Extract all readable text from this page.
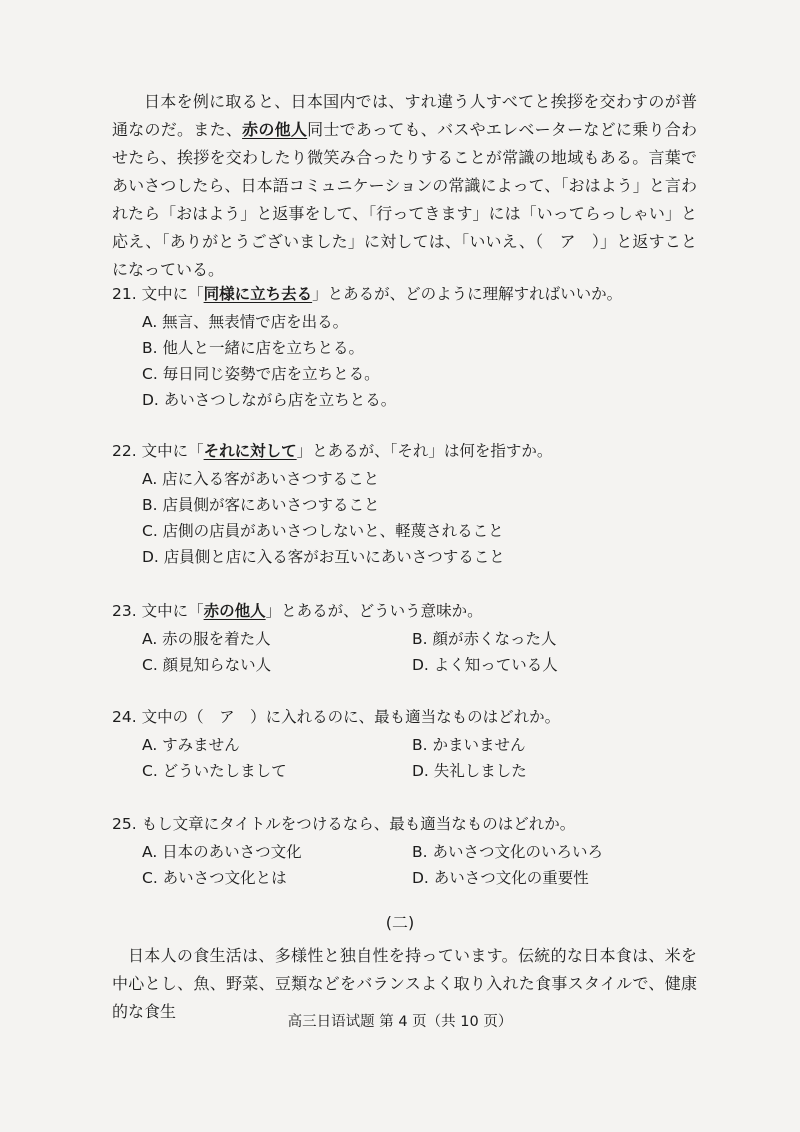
日本を例に取ると、日本国内では、すれ違う人すべてと挨拶を交わすのが普通なのだ。また、赤の他人同士であっても、バスやエレベーターなどに乗り合わせたら、挨拶を交わしたり微笑み合ったりすることが常識の地域もある。言葉であいさつしたら、日本語コミュニケーションの常識によって、「おはよう」と言われたら「おはよう」と返事をして、「行ってきます」には「いってらっしゃい」と応え、「ありがとうございました」に対しては、「いいえ、（　ア　）」と返すことになっている。

21. 文中に「同様に立ち去る」とあるが、どのように理解すればいいか。
A. 無言、無表情で店を出る。
B. 他人と一緒に店を立ちとる。
C. 毎日同じ姿勢で店を立ちとる。
D. あいさつしながら店を立ちとる。
22. 文中に「それに対して」とあるが、「それ」は何を指すか。
A. 店に入る客があいさつすること
B. 店員側が客にあいさつすること
C. 店側の店員があいさつしないと、軽蔑されること
D. 店員側と店に入る客がお互いにあいさつすること
23. 文中に「赤の他人」とあるが、どういう意味か。
A. 赤の服を着た人	B. 顔が赤くなった人
C. 顔見知らない人	D. よく知っている人
24. 文中の（　ア　）に入れるのに、最も適当なものはどれか。
A. すみません	B. かまいません
C. どういたしまして	D. 失礼しました
25. もし文章にタイトルをつけるなら、最も適当なものはどれか。
A. 日本のあいさつ文化	B. あいさつ文化のいろいろ
C. あいさつ文化とは	D. あいさつ文化の重要性
(二)

日本人の食生活は、多様性と独自性を持っています。伝統的な日本食は、米を中心とし、魚、野菜、豆類などをバランスよく取り入れた食事スタイルで、健康的な食生

高三日语试题 第 4 页（共 10 页）
